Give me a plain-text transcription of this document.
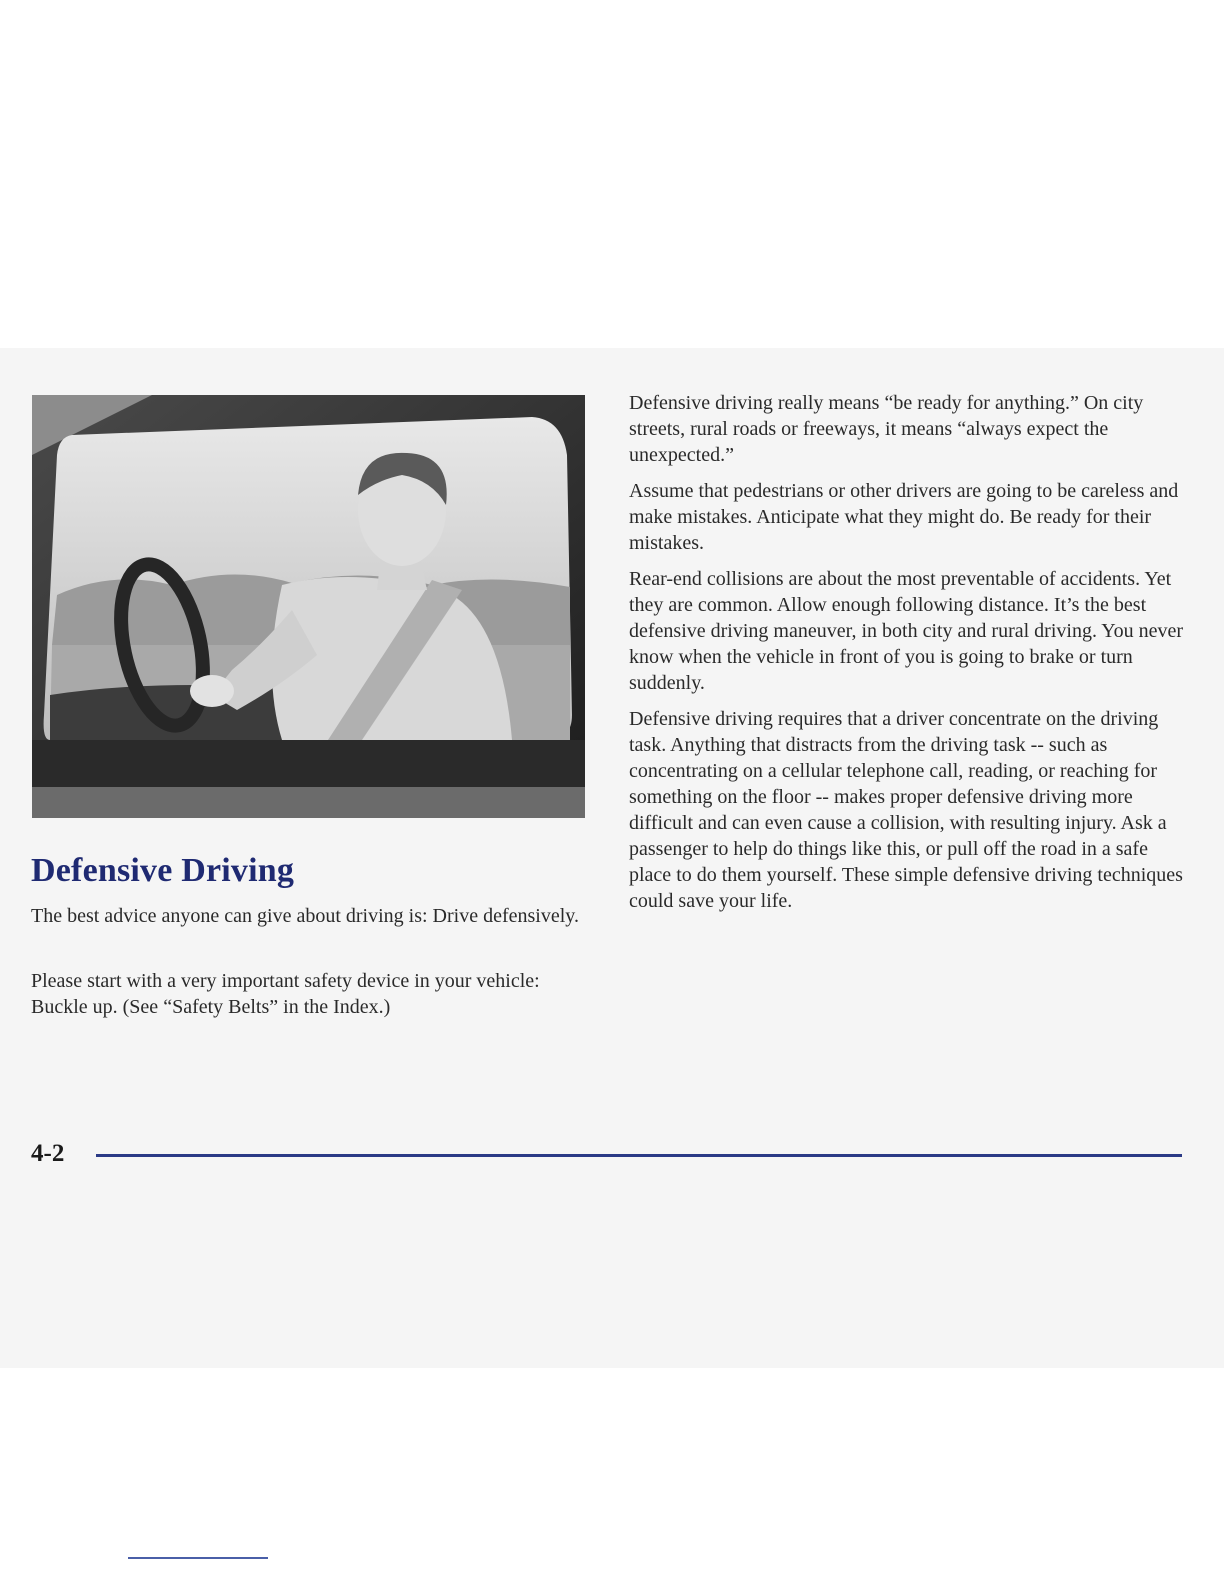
Defensive Driving

The best advice anyone can give about driving is: Drive defensively.

Please start with a very important safety device in your vehicle: Buckle up. (See “Safety Belts” in the Index.)

Defensive driving really means “be ready for anything.” On city streets, rural roads or freeways, it means “always expect the unexpected.”

Assume that pedestrians or other drivers are going to be careless and make mistakes. Anticipate what they might do. Be ready for their mistakes.

Rear-end collisions are about the most preventable of accidents. Yet they are common. Allow enough following distance. It’s the best defensive driving maneuver, in both city and rural driving. You never know when the vehicle in front of you is going to brake or turn suddenly.

Defensive driving requires that a driver concentrate on the driving task. Anything that distracts from the driving task -- such as concentrating on a cellular telephone call, reading, or reaching for something on the floor -- makes proper defensive driving more difficult and can even cause a collision, with resulting injury. Ask a passenger to help do things like this, or pull off the road in a safe place to do them yourself. These simple defensive driving techniques could save your life.

4-2
